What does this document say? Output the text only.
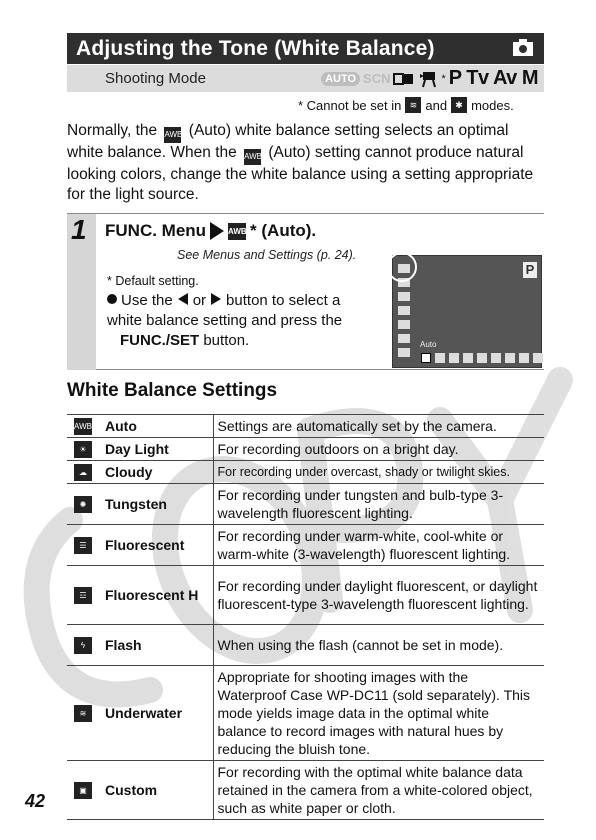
Adjusting the Tone (White Balance)
Shooting Mode	AUTO SCN	* P Tv Av M
* Cannot be set in ≋ and ✱ modes.

Normally, the AWB (Auto) white balance setting selects an optimal white balance. When the AWB (Auto) setting cannot produce natural looking colors, change the white balance using a setting appropriate for the light source.

1 FUNC. Menu	AWB * (Auto).
See Menus and Settings (p. 24).
* Default setting.
Use the or button to select a white balance setting and press the
FUNC./SET button.
P
Auto
White Balance Settings
AWB	Auto	Settings are automatically set by the camera.
☀	Day Light	For recording outdoors on a bright day.
☁	Cloudy	For recording under overcast, shady or twilight skies.
✺	Tungsten	For recording under tungsten and bulb-type 3-wavelength fluorescent lighting.
☰	Fluorescent	For recording under warm-white, cool-white or warm-white (3-wavelength) fluorescent lighting.
☲	Fluorescent H	For recording under daylight fluorescent, or daylight fluorescent-type 3-wavelength fluorescent lighting.
ϟ	Flash	When using the flash (cannot be set in mode).
≋	Underwater	Appropriate for shooting images with the Waterproof Case WP-DC11 (sold separately). This mode yields image data in the optimal white balance to record images with natural hues by reducing the bluish tone.
▣	Custom	For recording with the optimal white balance data retained in the camera from a white-colored object, such as white paper or cloth.
42
